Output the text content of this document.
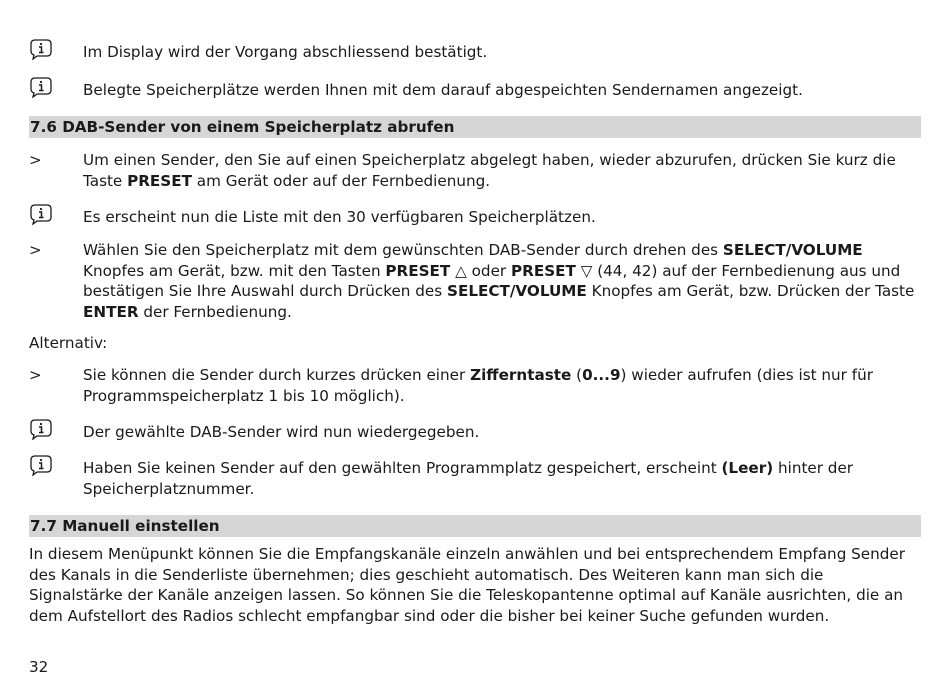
Im Display wird der Vorgang abschliessend bestätigt.
Belegte Speicherplätze werden Ihnen mit dem darauf abgespeichten Sendernamen angezeigt.
7.6 DAB-Sender von einem Speicherplatz abrufen
>	Um einen Sender, den Sie auf einen Speicherplatz abgelegt haben, wieder abzurufen, drücken Sie kurz die Taste PRESET am Gerät oder auf der Fernbedienung.
Es erscheint nun die Liste mit den 30 verfügbaren Speicherplätzen.
>	Wählen Sie den Speicherplatz mit dem gewünschten DAB-Sender durch drehen des SELECT/VOLUME Knopfes am Gerät, bzw. mit den Tasten PRESET △ oder PRESET ▽ (44, 42) auf der Fernbedienung aus und bestätigen Sie Ihre Auswahl durch Drücken des SELECT/VOLUME Knopfes am Gerät, bzw. Drücken der Taste ENTER der Fernbedienung.
Alternativ:
>	Sie können die Sender durch kurzes drücken einer Zifferntaste (0...9) wieder aufrufen (dies ist nur für Programmspeicherplatz 1 bis 10 möglich).
Der gewählte DAB-Sender wird nun wiedergegeben.
Haben Sie keinen Sender auf den gewählten Programmplatz gespeichert, erscheint (Leer) hinter der Speicherplatznummer.
7.7 Manuell einstellen
In diesem Menüpunkt können Sie die Empfangskanäle einzeln anwählen und bei entsprechendem Empfang Sender des Kanals in die Senderliste übernehmen; dies geschieht automatisch. Des Weiteren kann man sich die Signalstärke der Kanäle anzeigen lassen. So können Sie die Teleskopantenne optimal auf Kanäle ausrichten, die an dem Aufstellort des Radios schlecht empfangbar sind oder die bisher bei keiner Suche gefunden wurden.
32
